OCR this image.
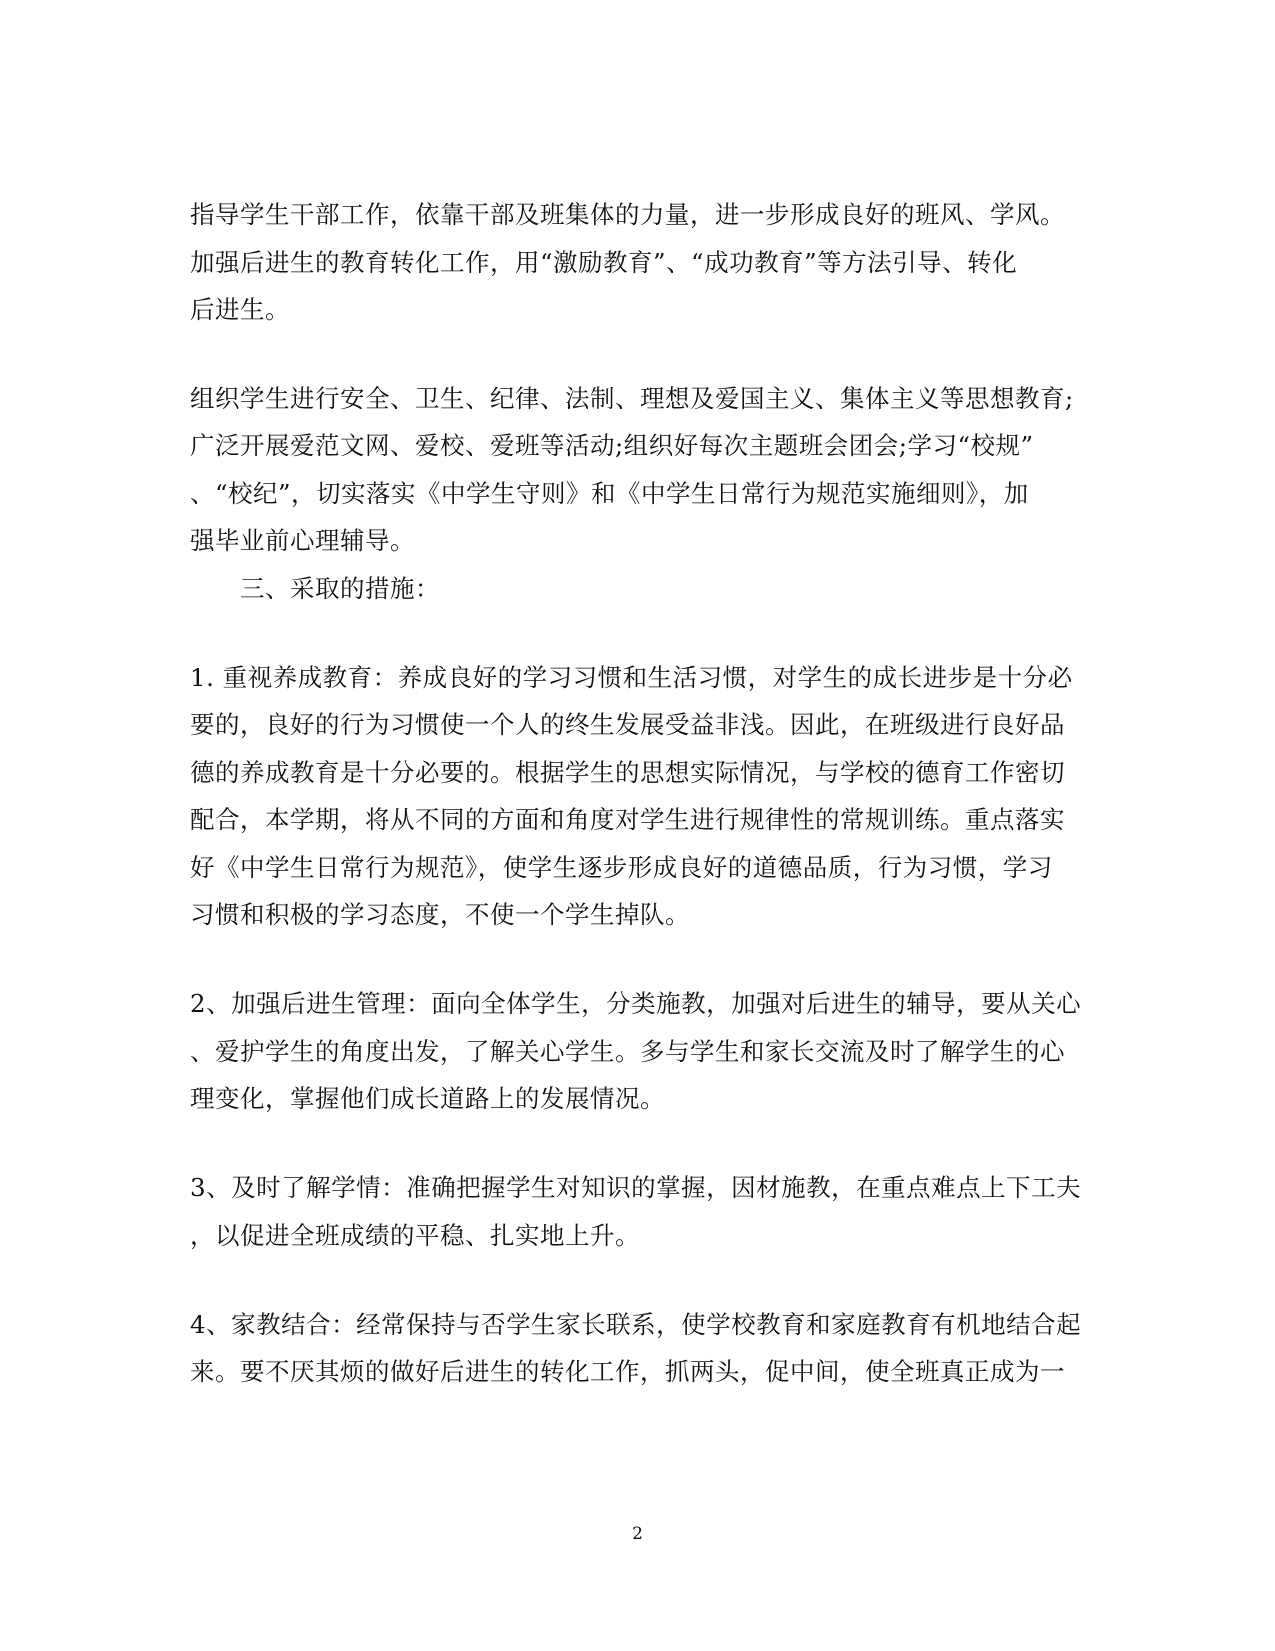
指导学生干部工作，依靠干部及班集体的力量，进一步形成良好的班风、学风。
加强后进生的教育转化工作，用“激励教育”、“成功教育”等方法引导、转化
后进生。
组织学生进行安全、卫生、纪律、法制、理想及爱国主义、集体主义等思想教育;
广泛开展爱范文网、爱校、爱班等活动;组织好每次主题班会团会;学习“校规”
、“校纪”，切实落实《中学生守则》和《中学生日常行为规范实施细则》，加
强毕业前心理辅导。
三、采取的措施：
1. 重视养成教育：养成良好的学习习惯和生活习惯，对学生的成长进步是十分必
要的，良好的行为习惯使一个人的终生发展受益非浅。因此，在班级进行良好品
德的养成教育是十分必要的。根据学生的思想实际情况，与学校的德育工作密切
配合，本学期，将从不同的方面和角度对学生进行规律性的常规训练。重点落实
好《中学生日常行为规范》，使学生逐步形成良好的道德品质，行为习惯，学习
习惯和积极的学习态度，不使一个学生掉队。
2、加强后进生管理：面向全体学生，分类施教，加强对后进生的辅导，要从关心
、爱护学生的角度出发，了解关心学生。多与学生和家长交流及时了解学生的心
理变化，掌握他们成长道路上的发展情况。
3、及时了解学情：准确把握学生对知识的掌握，因材施教，在重点难点上下工夫
，以促进全班成绩的平稳、扎实地上升。
4、家教结合：经常保持与否学生家长联系，使学校教育和家庭教育有机地结合起
来。要不厌其烦的做好后进生的转化工作，抓两头，促中间，使全班真正成为一
2
